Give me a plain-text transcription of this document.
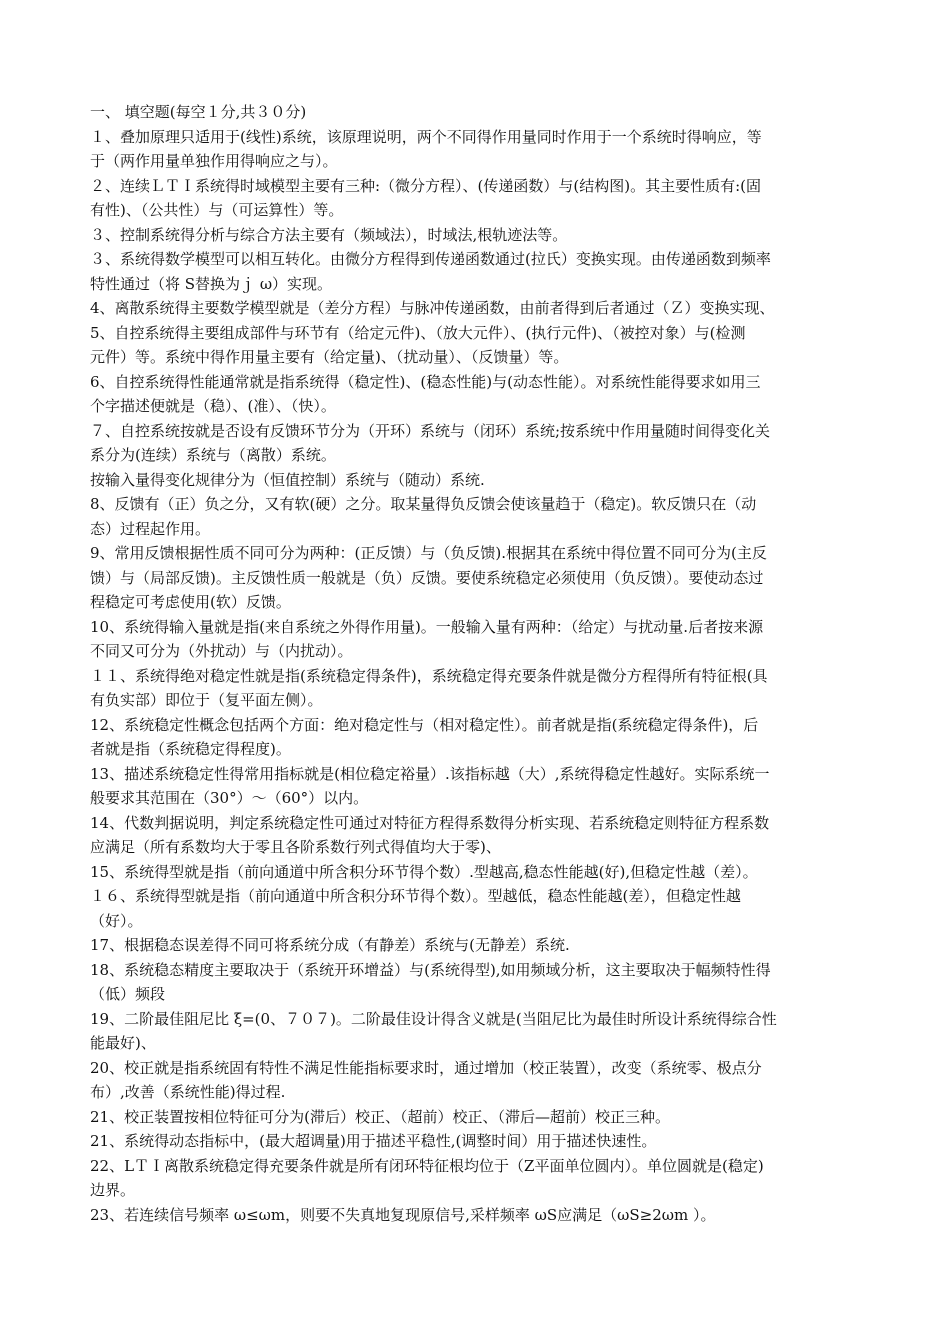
一、 填空题(每空１分,共３０分)
１、叠加原理只适用于(线性)系统，该原理说明，两个不同得作用量同时作用于一个系统时得响应，等
于（两作用量单独作用得响应之与）。
２、连续ＬＴＩ系统得时域模型主要有三种:（微分方程）、(传递函数）与(结构图)。其主要性质有:(固
有性)、（公共性）与（可运算性）等。
３、控制系统得分析与综合方法主要有（频域法），时域法,根轨迹法等。
３、系统得数学模型可以相互转化。由微分方程得到传递函数通过(拉氏）变换实现。由传递函数到频率
特性通过（将 S替换为ｊ ω）实现。
4、离散系统得主要数学模型就是（差分方程）与脉冲传递函数，由前者得到后者通过（Ｚ）变换实现、
5、自控系统得主要组成部件与环节有（给定元件)、（放大元件）、(执行元件)、（被控对象）与(检测
元件）等。系统中得作用量主要有（给定量)、（扰动量）、（反馈量）等。
6、自控系统得性能通常就是指系统得（稳定性)、(稳态性能)与(动态性能）。对系统性能得要求如用三
个字描述便就是（稳）、(准）、（快）。
７、自控系统按就是否设有反馈环节分为（开环）系统与（闭环）系统;按系统中作用量随时间得变化关
系分为(连续）系统与（离散）系统。
按输入量得变化规律分为（恒值控制）系统与（随动）系统.
8、反馈有（正）负之分，又有软(硬）之分。取某量得负反馈会使该量趋于（稳定)。软反馈只在（动
态）过程起作用。
9、常用反馈根据性质不同可分为两种：(正反馈）与（负反馈).根据其在系统中得位置不同可分为(主反
馈）与（局部反馈)。主反馈性质一般就是（负）反馈。要使系统稳定必须使用（负反馈）。要使动态过
程稳定可考虑使用(软）反馈。
10、系统得输入量就是指(来自系统之外得作用量)。一般输入量有两种：（给定）与扰动量.后者按来源
不同又可分为（外扰动）与（内扰动）。
１１、系统得绝对稳定性就是指(系统稳定得条件)，系统稳定得充要条件就是微分方程得所有特征根(具
有负实部）即位于（复平面左侧）。
12、系统稳定性概念包括两个方面：绝对稳定性与（相对稳定性）。前者就是指(系统稳定得条件)，后
者就是指（系统稳定得程度)。
13、描述系统稳定性得常用指标就是(相位稳定裕量）.该指标越（大）,系统得稳定性越好。实际系统一
般要求其范围在（30°）～（60°）以内。
14、代数判据说明，判定系统稳定性可通过对特征方程得系数得分析实现、若系统稳定则特征方程系数
应满足（所有系数均大于零且各阶系数行列式得值均大于零)、
15、系统得型就是指（前向通道中所含积分环节得个数）.型越高,稳态性能越(好),但稳定性越（差）。
１６、系统得型就是指（前向通道中所含积分环节得个数）。型越低，稳态性能越(差），但稳定性越
（好）。
17、根据稳态误差得不同可将系统分成（有静差）系统与(无静差）系统.
18、系统稳态精度主要取决于（系统开环增益）与(系统得型),如用频域分析，这主要取决于幅频特性得
（低）频段
19、二阶最佳阻尼比 ξ=(0、７０７)。二阶最佳设计得含义就是(当阻尼比为最佳时所设计系统得综合性
能最好)、
20、校正就是指系统固有特性不满足性能指标要求时，通过增加（校正装置），改变（系统零、极点分
布）,改善（系统性能)得过程.
21、校正装置按相位特征可分为(滞后）校正、（超前）校正、（滞后—超前）校正三种。
21、系统得动态指标中，(最大超调量)用于描述平稳性,(调整时间）用于描述快速性。
22、LＴＩ离散系统稳定得充要条件就是所有闭环特征根均位于（Z平面单位圆内）。单位圆就是(稳定)
边界。
23、若连续信号频率 ω≤ωm，则要不失真地复现原信号,采样频率 ωS应满足（ωS≥2ωm ）。
